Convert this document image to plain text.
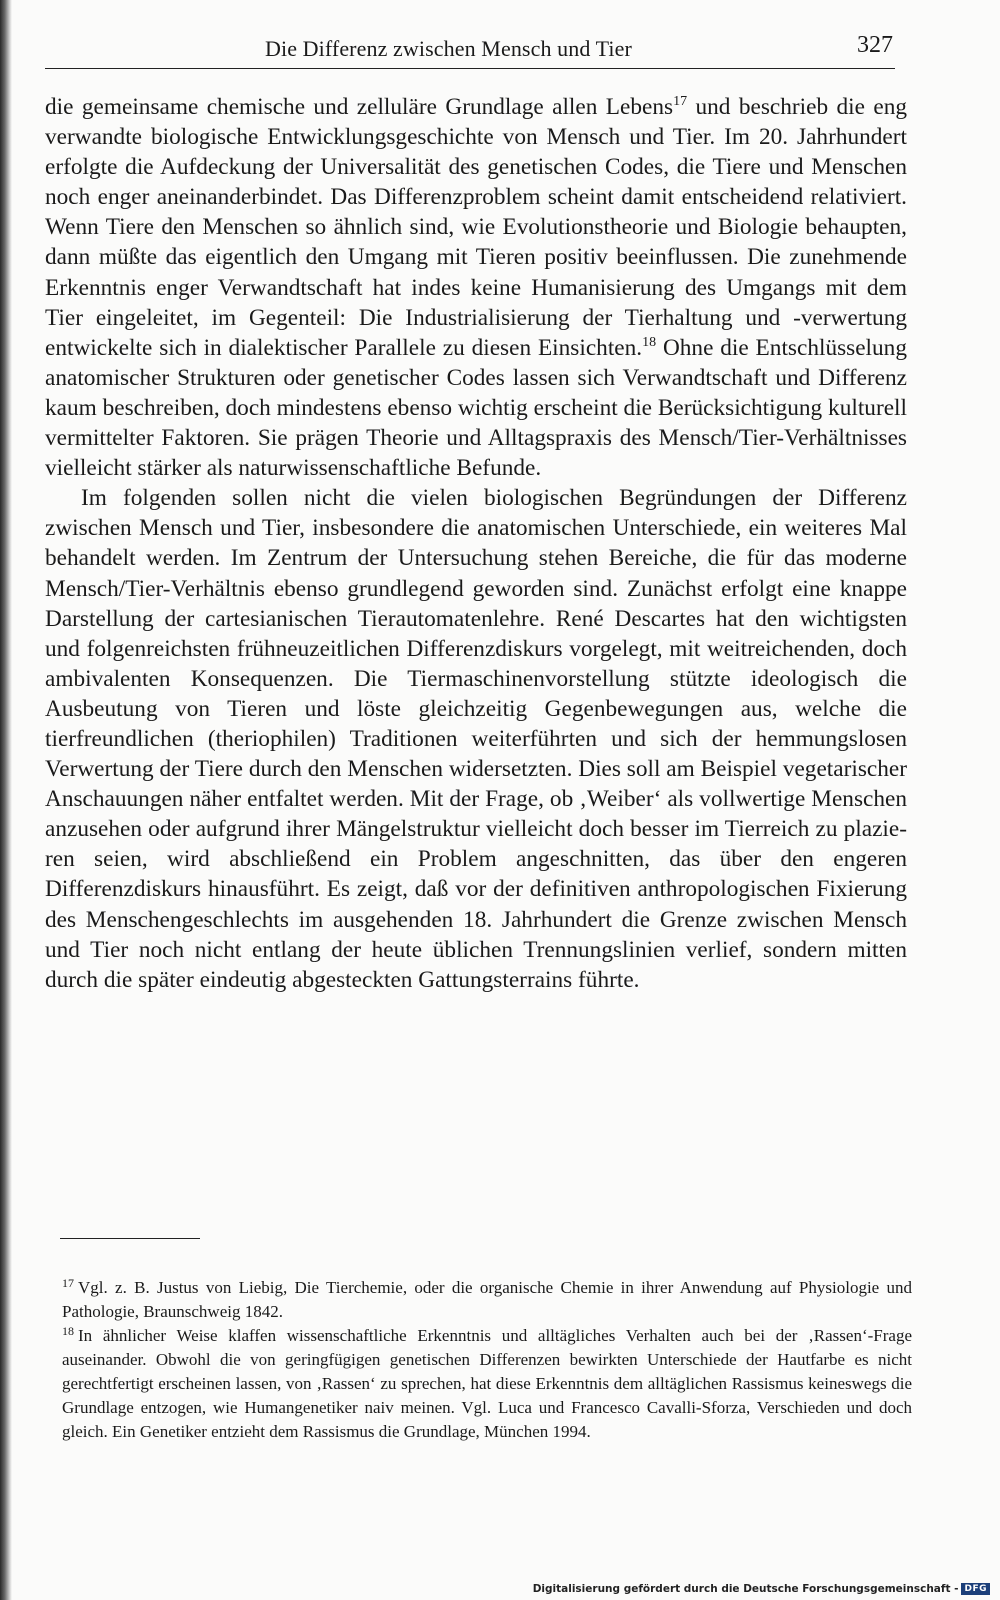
Die Differenz zwischen Mensch und Tier	327

die gemeinsame chemische und zelluläre Grundlage allen Lebens$^{17}$ und beschrieb die eng verwandte biologische Entwicklungsgeschichte von Mensch und Tier. Im 20. Jahrhundert erfolgte die Aufdeckung der Universalität des genetischen Codes, die Tiere und Menschen noch enger aneinanderbindet. Das Differenzproblem scheint damit entscheidend relativiert. Wenn Tiere den Menschen so ähnlich sind, wie Evolutionstheorie und Biologie behaupten, dann müßte das eigentlich den Umgang mit Tieren positiv beeinflussen. Die zunehmende Erkenntnis enger Verwandtschaft hat indes keine Humanisierung des Umgangs mit dem Tier eingeleitet, im Gegenteil: Die Industrialisierung der Tierhaltung und -verwertung entwickelte sich in dialektischer Parallele zu diesen Einsichten.$^{18}$ Ohne die Entschlüsselung anatomischer Strukturen oder genetischer Codes lassen sich Verwandtschaft und Differenz kaum beschreiben, doch mindestens ebenso wichtig erscheint die Berücksichtigung kulturell vermittelter Faktoren. Sie prägen Theorie und Alltagspraxis des Mensch/Tier-Verhältnisses vielleicht stärker als naturwissenschaftliche Befunde.

Im folgenden sollen nicht die vielen biologischen Begründungen der Differenz zwischen Mensch und Tier, insbesondere die anatomischen Unterschiede, ein weiteres Mal behandelt werden. Im Zentrum der Untersuchung stehen Bereiche, die für das moderne Mensch/Tier-Verhältnis ebenso grundlegend geworden sind. Zunächst erfolgt eine knappe Darstellung der cartesianischen Tierautomatenlehre. René Descartes hat den wichtigsten und folgenreichsten frühneuzeitlichen Differenzdiskurs vorgelegt, mit weitreichenden, doch ambivalenten Konsequenzen. Die Tiermaschinenvorstellung stützte ideologisch die Ausbeutung von Tieren und löste gleichzeitig Gegenbewegungen aus, welche die tierfreundlichen (theriophilen) Traditionen weiterführten und sich der hemmungslosen Verwertung der Tiere durch den Menschen widersetzten. Dies soll am Beispiel vegetarischer Anschauungen näher entfaltet werden. Mit der Frage, ob ‚Weiber‘ als vollwertige Menschen anzusehen oder aufgrund ihrer Mängelstruktur vielleicht doch besser im Tierreich zu plazieren seien, wird abschließend ein Problem angeschnitten, das über den engeren Differenzdiskurs hinausführt. Es zeigt, daß vor der definitiven anthropologischen Fixierung des Menschengeschlechts im ausgehenden 18. Jahrhundert die Grenze zwischen Mensch und Tier noch nicht entlang der heute üblichen Trennungslinien verlief, sondern mitten durch die später eindeutig abgesteckten Gattungsterrains führte.

$^{17}$ Vgl. z. B. Justus von Liebig, Die Tierchemie, oder die organische Chemie in ihrer Anwendung auf Physiologie und Pathologie, Braunschweig 1842.

$^{18}$ In ähnlicher Weise klaffen wissenschaftliche Erkenntnis und alltägliches Verhalten auch bei der ‚Rassen‘-Frage auseinander. Obwohl die von geringfügigen genetischen Differenzen bewirkten Unterschiede der Hautfarbe es nicht gerechtfertigt erscheinen lassen, von ‚Rassen‘ zu sprechen, hat diese Erkenntnis dem alltäglichen Rassismus keineswegs die Grundlage entzogen, wie Humangenetiker naiv meinen. Vgl. Luca und Francesco Cavalli-Sforza, Verschieden und doch gleich. Ein Genetiker entzieht dem Rassismus die Grundlage, München 1994.

Digitalisierung gefördert durch die Deutsche Forschungsgemeinschaft - DFG
